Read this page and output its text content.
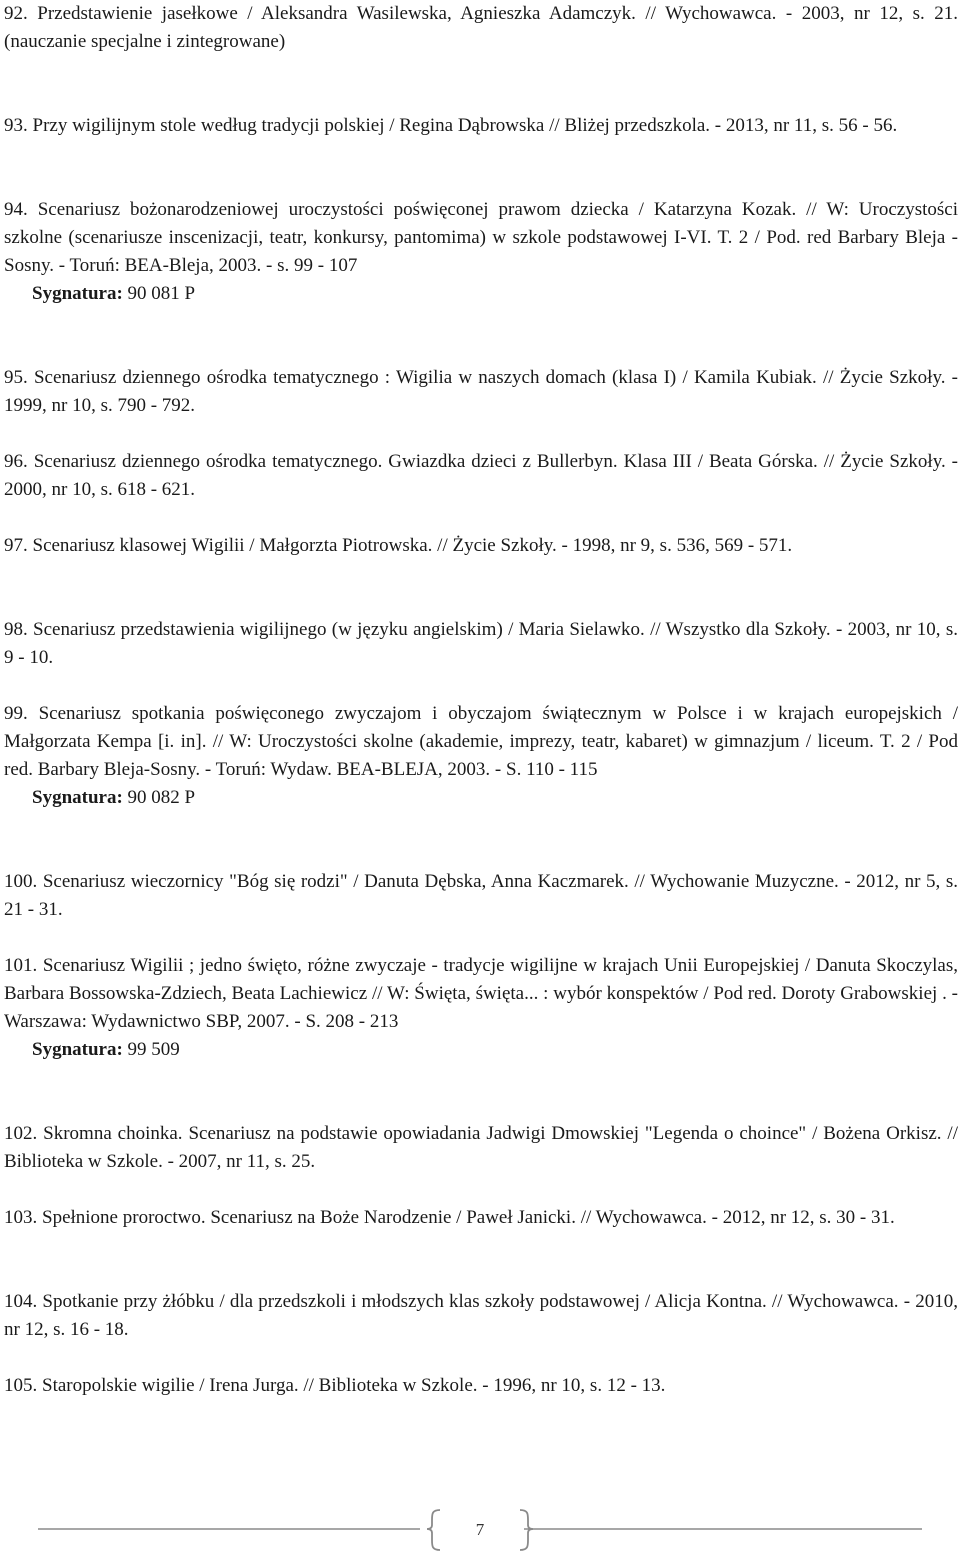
92. Przedstawienie jasełkowe / Aleksandra Wasilewska, Agnieszka Adamczyk. // Wychowawca. - 2003, nr 12, s. 21. (nauczanie specjalne i zintegrowane)
93. Przy wigilijnym stole według tradycji polskiej / Regina Dąbrowska // Bliżej przedszkola. - 2013, nr 11, s. 56 - 56.
94. Scenariusz bożonarodzeniowej uroczystości poświęconej prawom dziecka / Katarzyna Kozak. // W: Uroczystości szkolne (scenariusze inscenizacji, teatr, konkursy, pantomima) w szkole podstawowej I-VI. T. 2 / Pod. red Barbary Bleja - Sosny. - Toruń: BEA-Bleja, 2003. - s. 99 - 107
Sygnatura: 90 081 P
95. Scenariusz dziennego ośrodka tematycznego : Wigilia w naszych domach (klasa I) / Kamila Kubiak. // Życie Szkoły. - 1999, nr 10, s. 790 - 792.
96. Scenariusz dziennego ośrodka tematycznego. Gwiazdka dzieci z Bullerbyn. Klasa III / Beata Górska. // Życie Szkoły. - 2000, nr 10, s. 618 - 621.
97. Scenariusz klasowej Wigilii / Małgorzta Piotrowska. // Życie Szkoły. - 1998, nr 9, s. 536, 569 - 571.
98. Scenariusz przedstawienia wigilijnego (w języku angielskim) / Maria Sielawko. // Wszystko dla Szkoły. - 2003, nr 10, s. 9 - 10.
99. Scenariusz spotkania poświęconego zwyczajom i obyczajom świątecznym w Polsce i w krajach europejskich / Małgorzata Kempa [i. in]. // W: Uroczystości skolne (akademie, imprezy, teatr, kabaret) w gimnazjum / liceum. T. 2 / Pod red. Barbary Bleja-Sosny. - Toruń: Wydaw. BEA-BLEJA, 2003. - S. 110 - 115
Sygnatura: 90 082 P
100. Scenariusz wieczornicy "Bóg się rodzi" / Danuta Dębska, Anna Kaczmarek. // Wychowanie Muzyczne. - 2012, nr 5, s. 21 - 31.
101. Scenariusz Wigilii ; jedno święto, różne zwyczaje - tradycje wigilijne w krajach Unii Europejskiej / Danuta Skoczylas, Barbara Bossowska-Zdziech, Beata Lachiewicz // W: Święta, święta... : wybór konspektów / Pod red. Doroty Grabowskiej . - Warszawa: Wydawnictwo SBP, 2007. - S. 208 - 213
Sygnatura: 99 509
102. Skromna choinka. Scenariusz na podstawie opowiadania Jadwigi Dmowskiej "Legenda o choince" / Bożena Orkisz. // Biblioteka w Szkole. - 2007, nr 11, s. 25.
103. Spełnione proroctwo. Scenariusz na Boże Narodzenie / Paweł Janicki. // Wychowawca. - 2012, nr 12, s. 30 - 31.
104. Spotkanie przy żłóbku / dla przedszkoli i młodszych klas szkoły podstawowej / Alicja Kontna. // Wychowawca. - 2010, nr 12, s. 16 - 18.
105. Staropolskie wigilie / Irena Jurga. // Biblioteka w Szkole. - 1996, nr 10, s. 12 - 13.
7
